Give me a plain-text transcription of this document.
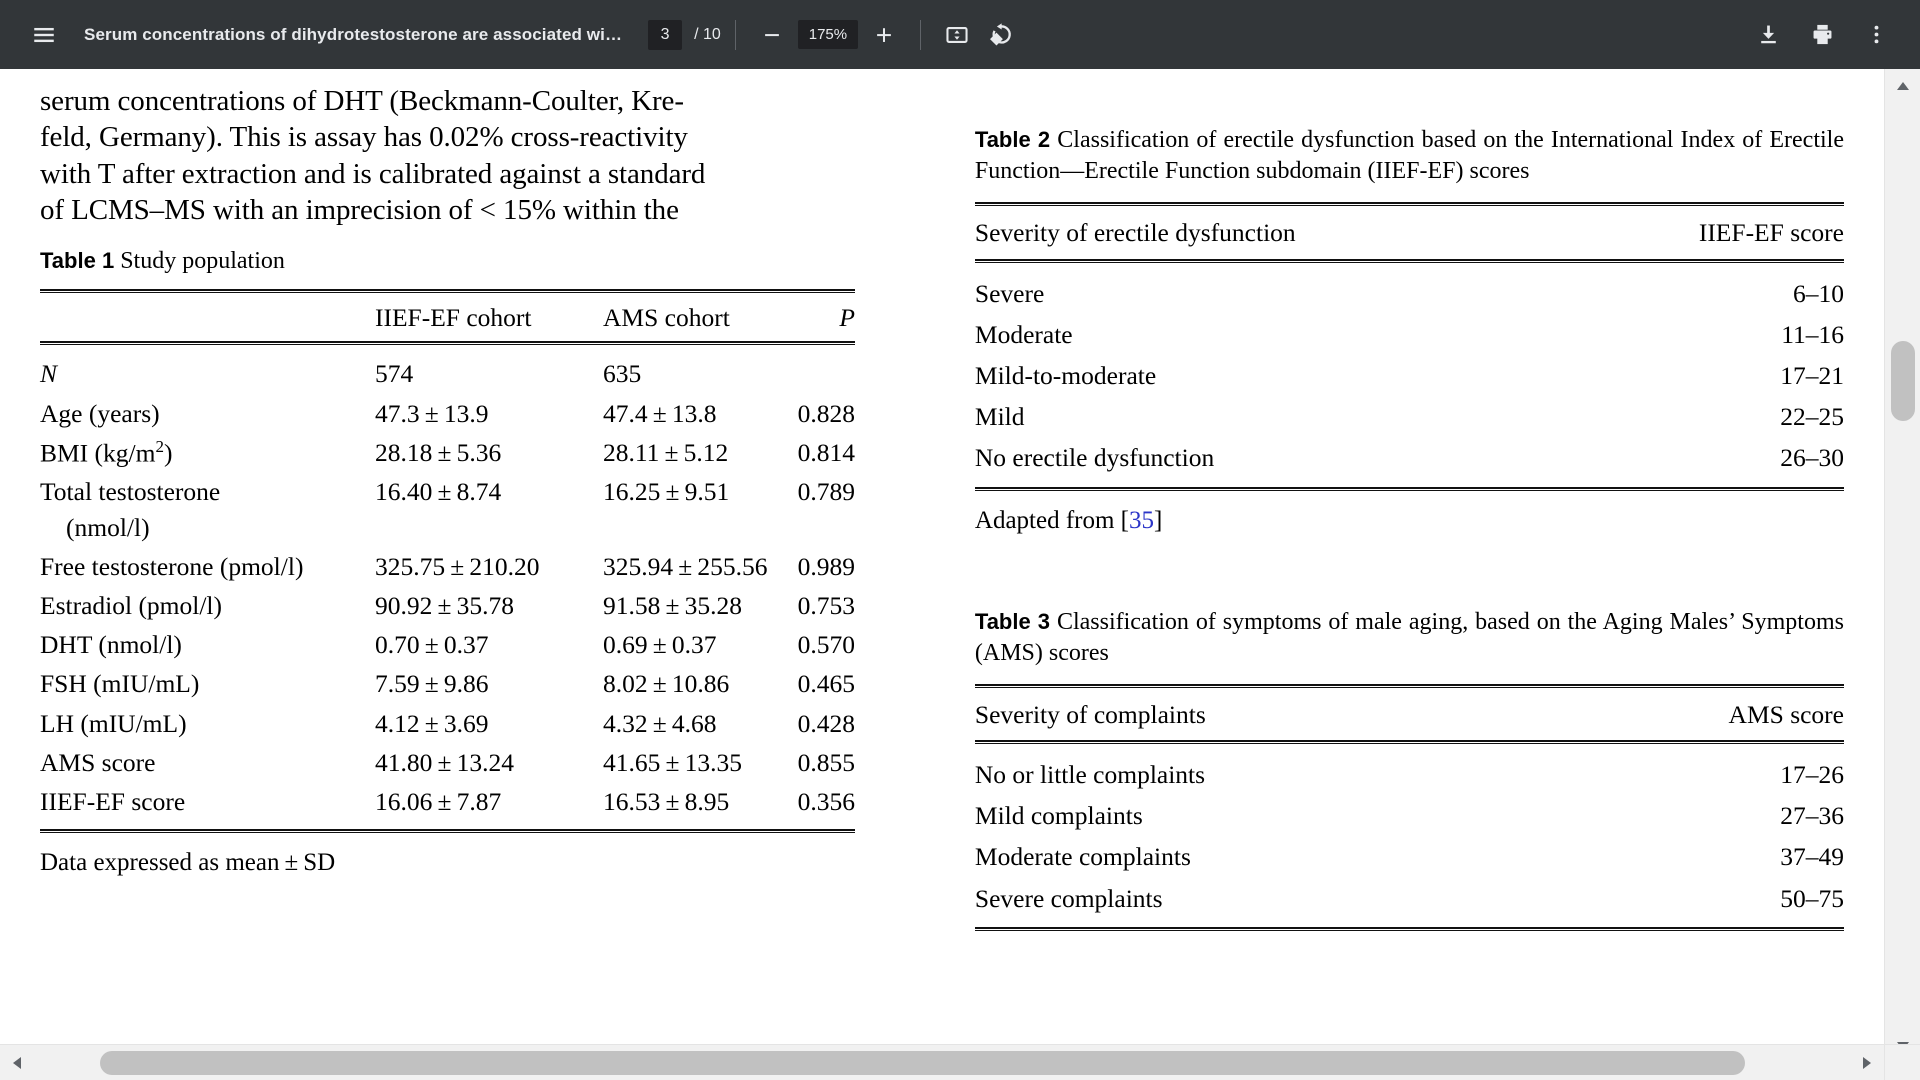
Serum concentrations of dihydrotestosterone are associated wi…	3	/ 10	175%
serum concentrations of DHT (Beckmann-Coulter, Kre-
feld, Germany). This is assay has 0.02% cross-reactivity
with T after extraction and is calibrated against a standard
of LCMS–MS with an imprecision of < 15% within the
Table 1 Study population
	IIEF-EF cohort	AMS cohort	P
N	574	635	
Age (years)	47.3 ± 13.9	47.4 ± 13.8	0.828
BMI $(kg/m^2)$	28.18 ± 5.36	28.11 ± 5.12	0.814
Total testosterone
(nmol/l)	16.40 ± 8.74	16.25 ± 9.51	0.789
Free testosterone (pmol/l)	325.75 ± 210.20	325.94 ± 255.56	0.989
Estradiol (pmol/l)	90.92 ± 35.78	91.58 ± 35.28	0.753
DHT (nmol/l)	0.70 ± 0.37	0.69 ± 0.37	0.570
FSH (mIU/mL)	7.59 ± 9.86	8.02 ± 10.86	0.465
LH (mIU/mL)	4.12 ± 3.69	4.32 ± 4.68	0.428
AMS score	41.80 ± 13.24	41.65 ± 13.35	0.855
IIEF-EF score	16.06 ± 7.87	16.53 ± 8.95	0.356
Data expressed as mean ± SD
Table 2 Classification of erectile dysfunction based on the International Index of Erectile Function—Erectile Function subdomain (IIEF-EF) scores
Severity of erectile dysfunction	IIEF-EF score
Severe	6–10
Moderate	11–16
Mild-to-moderate	17–21
Mild	22–25
No erectile dysfunction	26–30
Adapted from [35]
Table 3 Classification of symptoms of male aging, based on the Aging Males’ Symptoms (AMS) scores
Severity of complaints	AMS score
No or little complaints	17–26
Mild complaints	27–36
Moderate complaints	37–49
Severe complaints	50–75
